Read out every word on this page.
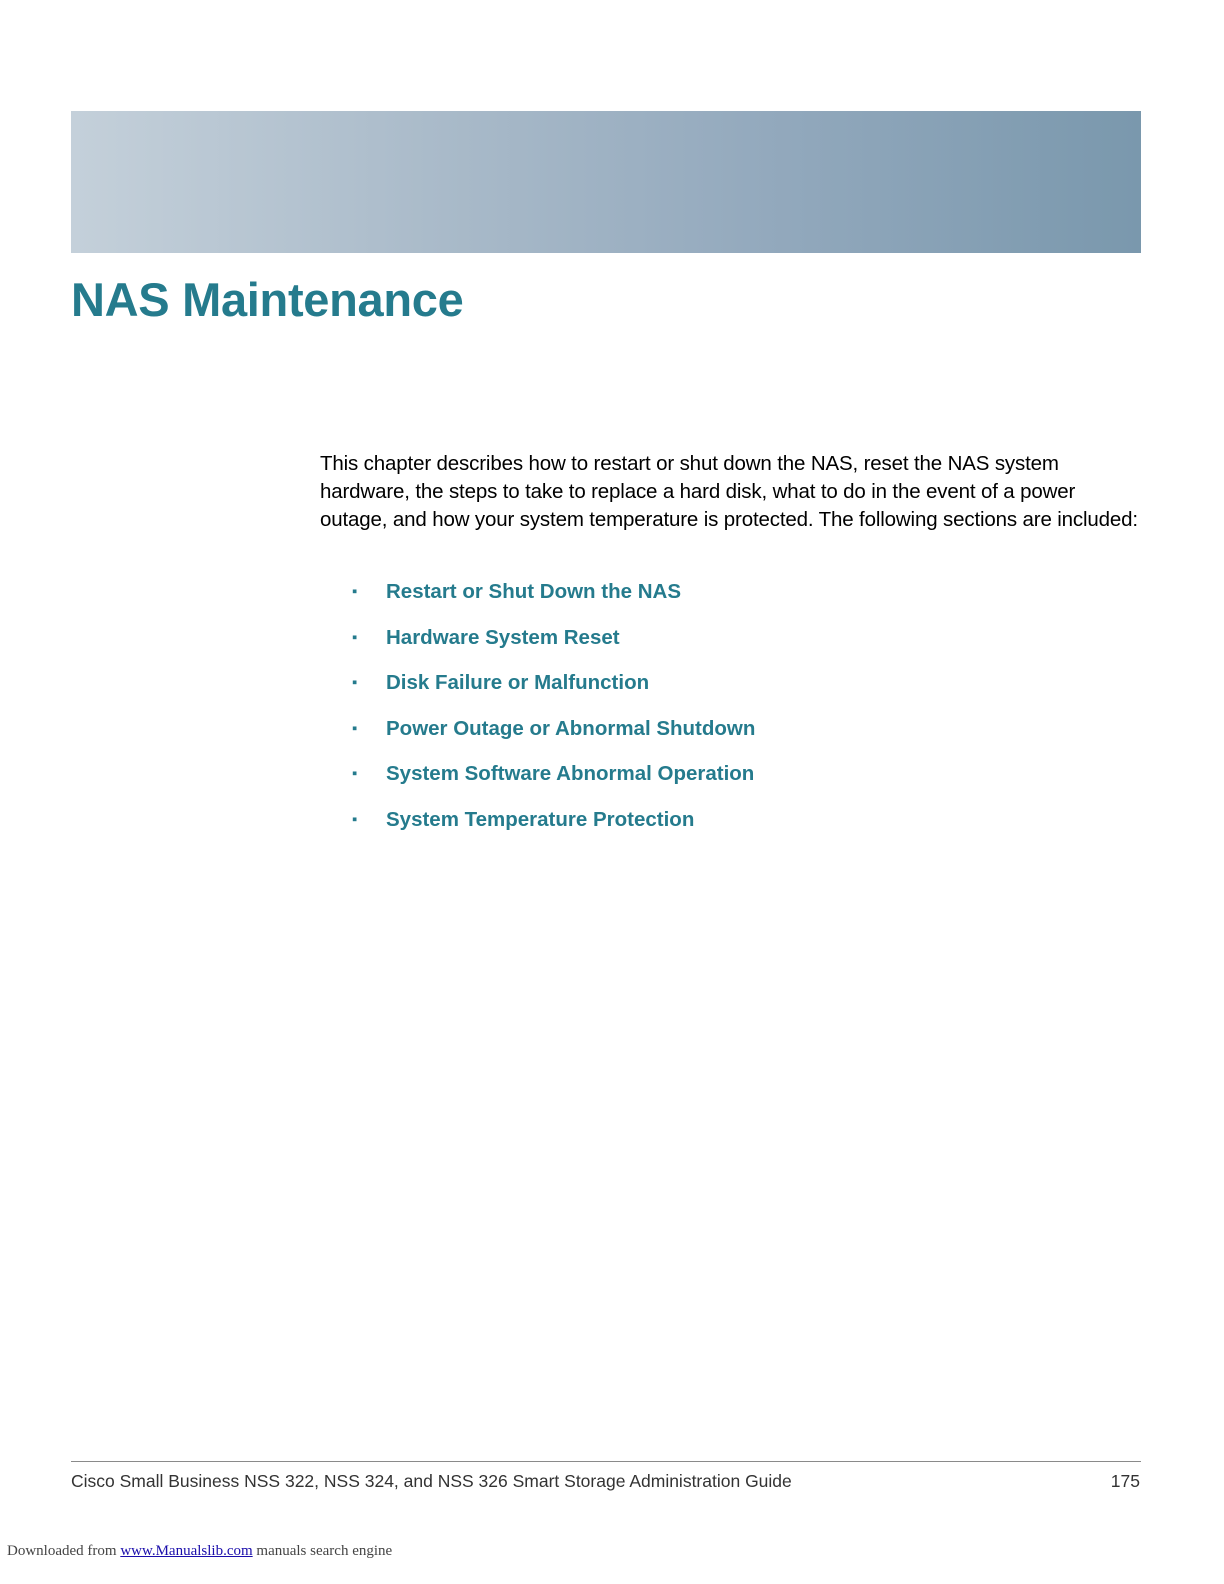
NAS Maintenance

This chapter describes how to restart or shut down the NAS, reset the NAS system hardware, the steps to take to replace a hard disk, what to do in the event of a power outage, and how your system temperature is protected. The following sections are included:

▪	Restart or Shut Down the NAS
▪	Hardware System Reset
▪	Disk Failure or Malfunction
▪	Power Outage or Abnormal Shutdown
▪	System Software Abnormal Operation
▪	System Temperature Protection
Cisco Small Business NSS 322, NSS 324, and NSS 326 Smart Storage Administration Guide	175
Downloaded from www.Manualslib.com manuals search engine
